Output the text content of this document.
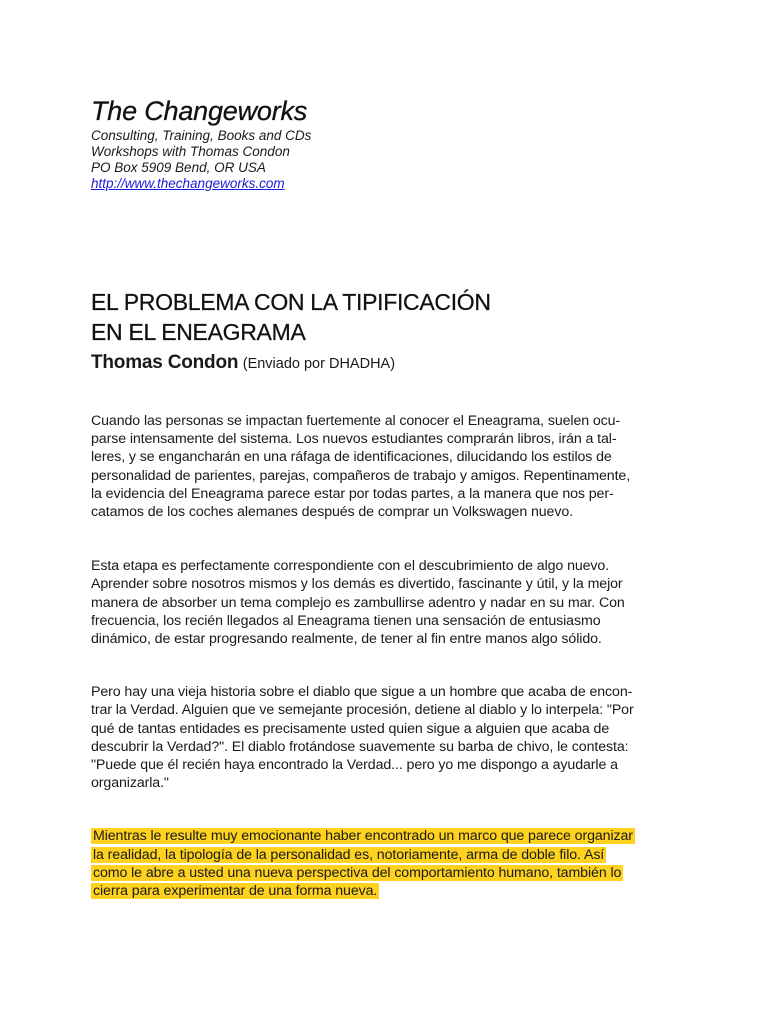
The Changeworks
Consulting, Training, Books and CDs
Workshops with Thomas Condon
PO Box 5909 Bend, OR USA
http://www.thechangeworks.com
EL PROBLEMA CON LA TIPIFICACIÓN
EN EL ENEAGRAMA
Thomas Condon (Enviado por DHADHA)
Cuando las personas se impactan fuertemente al conocer el Eneagrama, suelen ocu-
parse intensamente del sistema. Los nuevos estudiantes comprarán libros, irán a tal-
leres, y se engancharán en una ráfaga de identificaciones, dilucidando los estilos de
personalidad de parientes, parejas, compañeros de trabajo y amigos. Repentinamente,
la evidencia del Eneagrama parece estar por todas partes, a la manera que nos per-
catamos de los coches alemanes después de comprar un Volkswagen nuevo.
Esta etapa es perfectamente correspondiente con el descubrimiento de algo nuevo.
Aprender sobre nosotros mismos y los demás es divertido, fascinante y útil, y la mejor
manera de absorber un tema complejo es zambullirse adentro y nadar en su mar. Con
frecuencia, los recién llegados al Eneagrama tienen una sensación de entusiasmo
dinámico, de estar progresando realmente, de tener al fin entre manos algo sólido.
Pero hay una vieja historia sobre el diablo que sigue a un hombre que acaba de encon-
trar la Verdad. Alguien que ve semejante procesión, detiene al diablo y lo interpela: "Por
qué de tantas entidades es precisamente usted quien sigue a alguien que acaba de
descubrir la Verdad?". El diablo frotándose suavemente su barba de chivo, le contesta:
"Puede que él recién haya encontrado la Verdad... pero yo me dispongo a ayudarle a
organizarla."
Mientras le resulte muy emocionante haber encontrado un marco que parece organizar
la realidad, la tipología de la personalidad es, notoriamente, arma de doble filo. Así
como le abre a usted una nueva perspectiva del comportamiento humano, también lo
cierra para experimentar de una forma nueva.
